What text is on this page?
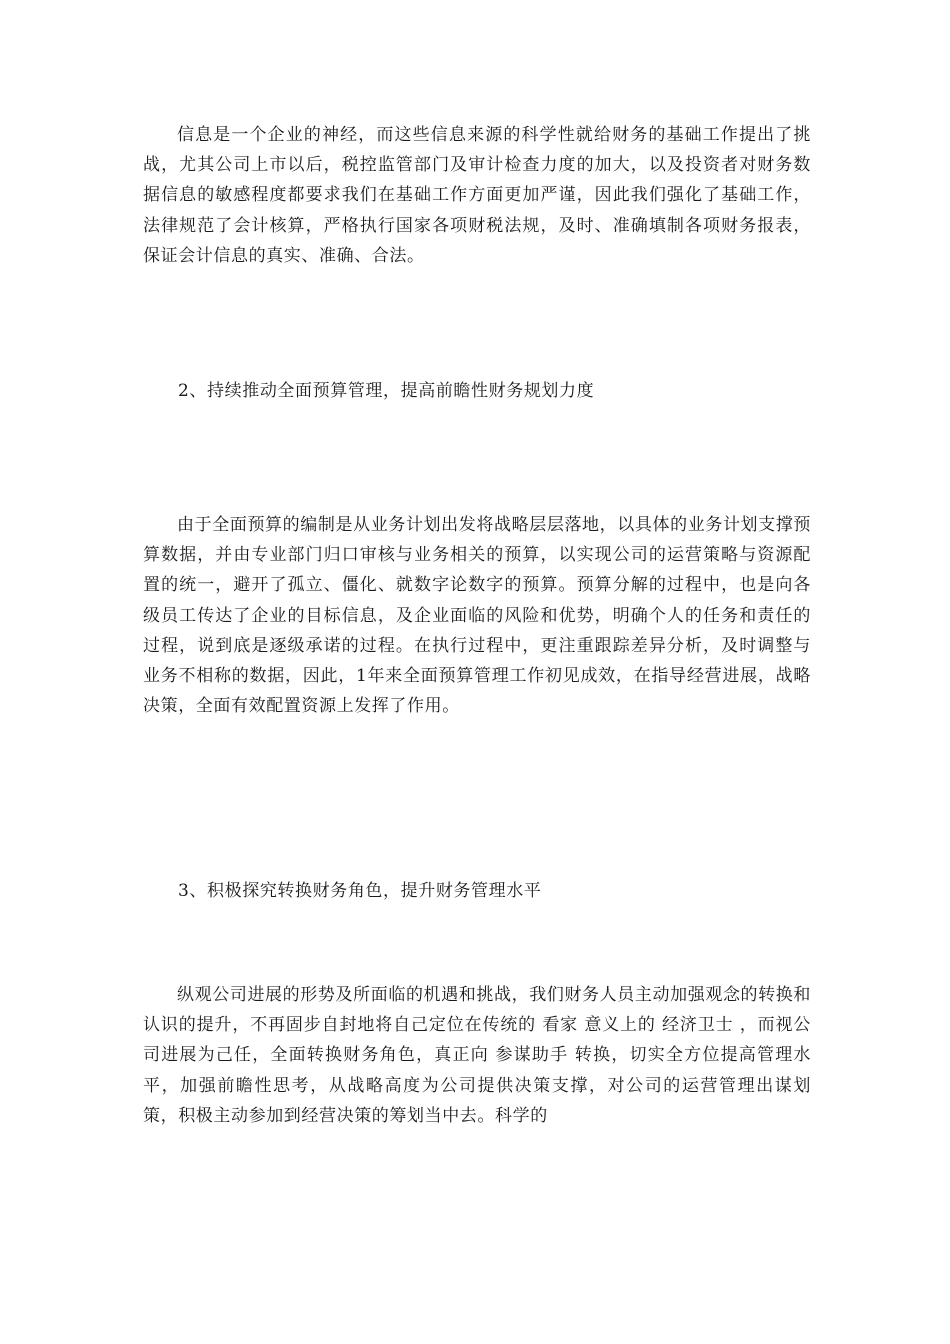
信息是一个企业的神经，而这些信息来源的科学性就给财务的基础工作提出了挑战，尤其公司上市以后，税控监管部门及审计检查力度的加大，以及投资者对财务数据信息的敏感程度都要求我们在基础工作方面更加严谨，因此我们强化了基础工作，法律规范了会计核算，严格执行国家各项财税法规，及时、准确填制各项财务报表，保证会计信息的真实、准确、合法。

2、持续推动全面预算管理，提高前瞻性财务规划力度

由于全面预算的编制是从业务计划出发将战略层层落地，以具体的业务计划支撑预算数据，并由专业部门归口审核与业务相关的预算，以实现公司的运营策略与资源配置的统一，避开了孤立、僵化、就数字论数字的预算。预算分解的过程中，也是向各级员工传达了企业的目标信息，及企业面临的风险和优势，明确个人的任务和责任的过程，说到底是逐级承诺的过程。在执行过程中，更注重跟踪差异分析，及时调整与业务不相称的数据，因此，1年来全面预算管理工作初见成效，在指导经营进展，战略决策，全面有效配置资源上发挥了作用。

3、积极探究转换财务角色，提升财务管理水平

纵观公司进展的形势及所面临的机遇和挑战，我们财务人员主动加强观念的转换和认识的提升，不再固步自封地将自己定位在传统的 看家 意义上的 经济卫士 ，而视公司进展为己任，全面转换财务角色，真正向 参谋助手 转换，切实全方位提高管理水平，加强前瞻性思考，从战略高度为公司提供决策支撑，对公司的运营管理出谋划策，积极主动参加到经营决策的筹划当中去。科学的
